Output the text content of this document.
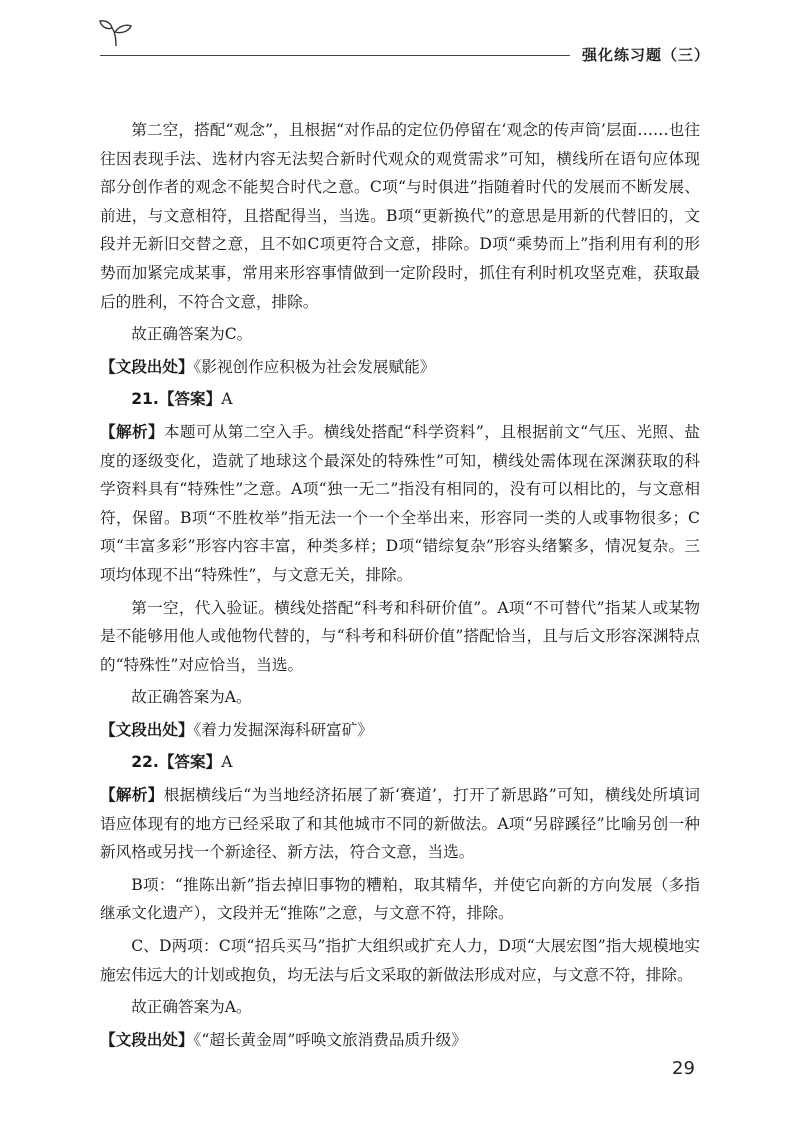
强化练习题（三）

第二空，搭配“观念”，且根据“对作品的定位仍停留在‘观念的传声筒’层面……也往往因表现手法、选材内容无法契合新时代观众的观赏需求”可知，横线所在语句应体现部分创作者的观念不能契合时代之意。C项“与时俱进”指随着时代的发展而不断发展、前进，与文意相符，且搭配得当，当选。B项“更新换代”的意思是用新的代替旧的，文段并无新旧交替之意，且不如C项更符合文意，排除。D项“乘势而上”指利用有利的形势而加紧完成某事，常用来形容事情做到一定阶段时，抓住有利时机攻坚克难，获取最后的胜利，不符合文意，排除。

故正确答案为C。

【文段出处】《影视创作应积极为社会发展赋能》

21.【答案】A

【解析】本题可从第二空入手。横线处搭配“科学资料”，且根据前文“气压、光照、盐度的逐级变化，造就了地球这个最深处的特殊性”可知，横线处需体现在深渊获取的科学资料具有“特殊性”之意。A项“独一无二”指没有相同的，没有可以相比的，与文意相符，保留。B项“不胜枚举”指无法一个一个全举出来，形容同一类的人或事物很多；C项“丰富多彩”形容内容丰富，种类多样；D项“错综复杂”形容头绪繁多，情况复杂。三项均体现不出“特殊性”，与文意无关，排除。

第一空，代入验证。横线处搭配“科考和科研价值”。A项“不可替代”指某人或某物是不能够用他人或他物代替的，与“科考和科研价值”搭配恰当，且与后文形容深渊特点的“特殊性”对应恰当，当选。

故正确答案为A。

【文段出处】《着力发掘深海科研富矿》

22.【答案】A

【解析】根据横线后“为当地经济拓展了新‘赛道’，打开了新思路”可知，横线处所填词语应体现有的地方已经采取了和其他城市不同的新做法。A项“另辟蹊径”比喻另创一种新风格或另找一个新途径、新方法，符合文意，当选。

B项：“推陈出新”指去掉旧事物的糟粕，取其精华，并使它向新的方向发展（多指继承文化遗产），文段并无“推陈”之意，与文意不符，排除。

C、D两项：C项“招兵买马”指扩大组织或扩充人力，D项“大展宏图”指大规模地实施宏伟远大的计划或抱负，均无法与后文采取的新做法形成对应，与文意不符，排除。

故正确答案为A。

【文段出处】《“超长黄金周”呼唤文旅消费品质升级》

29
